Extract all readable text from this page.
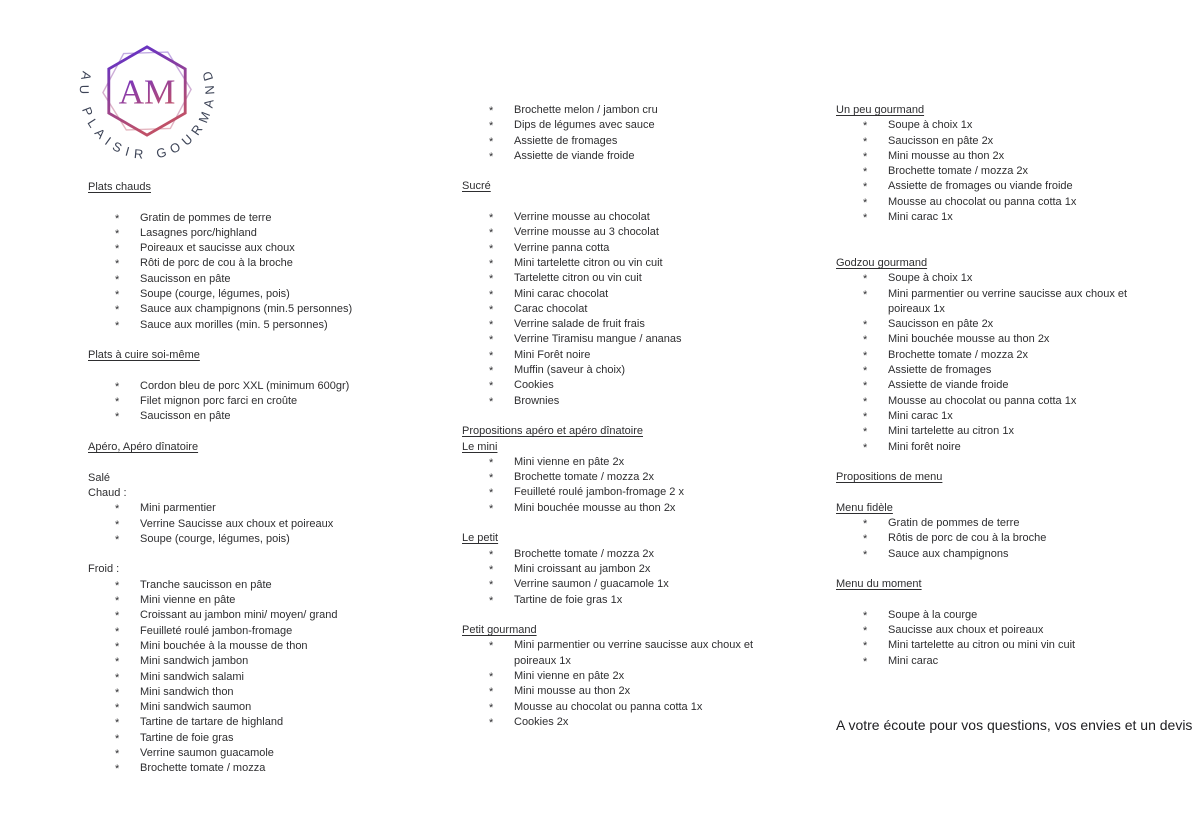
AM
AU PLAISIR GOURMAND
Plats chauds
*	Gratin de pommes de terre
*	Lasagnes porc/highland
*	Poireaux et saucisse aux choux
*	Rôti de porc de cou à la broche
*	Saucisson en pâte
*	Soupe (courge, légumes, pois)
*	Sauce aux champignons (min.5 personnes)
*	Sauce aux morilles (min. 5 personnes)
Plats à cuire soi-même
*	Cordon bleu de porc XXL (minimum 600gr)
*	Filet mignon porc farci en croûte
*	Saucisson en pâte
Apéro, Apéro dînatoire
Salé
Chaud :
*	Mini parmentier
*	Verrine Saucisse aux choux et poireaux
*	Soupe (courge, légumes, pois)
Froid :
*	Tranche saucisson en pâte
*	Mini vienne en pâte
*	Croissant au jambon mini/ moyen/ grand
*	Feuilleté roulé jambon-fromage
*	Mini bouchée à la mousse de thon
*	Mini sandwich jambon
*	Mini sandwich salami
*	Mini sandwich thon
*	Mini sandwich saumon
*	Tartine de tartare de highland
*	Tartine de foie gras
*	Verrine saumon guacamole
*	Brochette tomate / mozza
*	Brochette melon / jambon cru
*	Dips de légumes avec sauce
*	Assiette de fromages
*	Assiette de viande froide
Sucré
*	Verrine mousse au chocolat
*	Verrine mousse au 3 chocolat
*	Verrine panna cotta
*	Mini tartelette citron ou vin cuit
*	Tartelette citron ou vin cuit
*	Mini carac chocolat
*	Carac chocolat
*	Verrine salade de fruit frais
*	Verrine Tiramisu mangue / ananas
*	Mini Forêt noire
*	Muffin (saveur à choix)
*	Cookies
*	Brownies
Propositions apéro et apéro dînatoire
Le mini
*	Mini vienne en pâte 2x
*	Brochette tomate / mozza 2x
*	Feuilleté roulé jambon-fromage 2 x
*	Mini bouchée mousse au thon 2x
Le petit
*	Brochette tomate / mozza 2x
*	Mini croissant au jambon 2x
*	Verrine saumon / guacamole 1x
*	Tartine de foie gras 1x
Petit gourmand
*	Mini parmentier ou verrine saucisse aux choux et poireaux 1x
*	Mini vienne en pâte 2x
*	Mini mousse au thon 2x
*	Mousse au chocolat ou panna cotta 1x
*	Cookies 2x
Un peu gourmand
*	Soupe à choix 1x
*	Saucisson en pâte 2x
*	Mini mousse au thon 2x
*	Brochette tomate / mozza 2x
*	Assiette de fromages ou viande froide
*	Mousse au chocolat ou panna cotta 1x
*	Mini carac 1x
Godzou gourmand
*	Soupe à choix 1x
*	Mini parmentier ou verrine saucisse aux choux et poireaux 1x
*	Saucisson en pâte 2x
*	Mini bouchée mousse au thon 2x
*	Brochette tomate / mozza 2x
*	Assiette de fromages
*	Assiette de viande froide
*	Mousse au chocolat ou panna cotta 1x
*	Mini carac 1x
*	Mini tartelette au citron 1x
*	Mini forêt noire
Propositions de menu
Menu fidèle
*	Gratin de pommes de terre
*	Rôtis de porc de cou à la broche
*	Sauce aux champignons
Menu du moment
*	Soupe à la courge
*	Saucisse aux choux et poireaux
*	Mini tartelette au citron ou mini vin cuit
*	Mini carac
A votre écoute pour vos questions, vos envies et un devis
